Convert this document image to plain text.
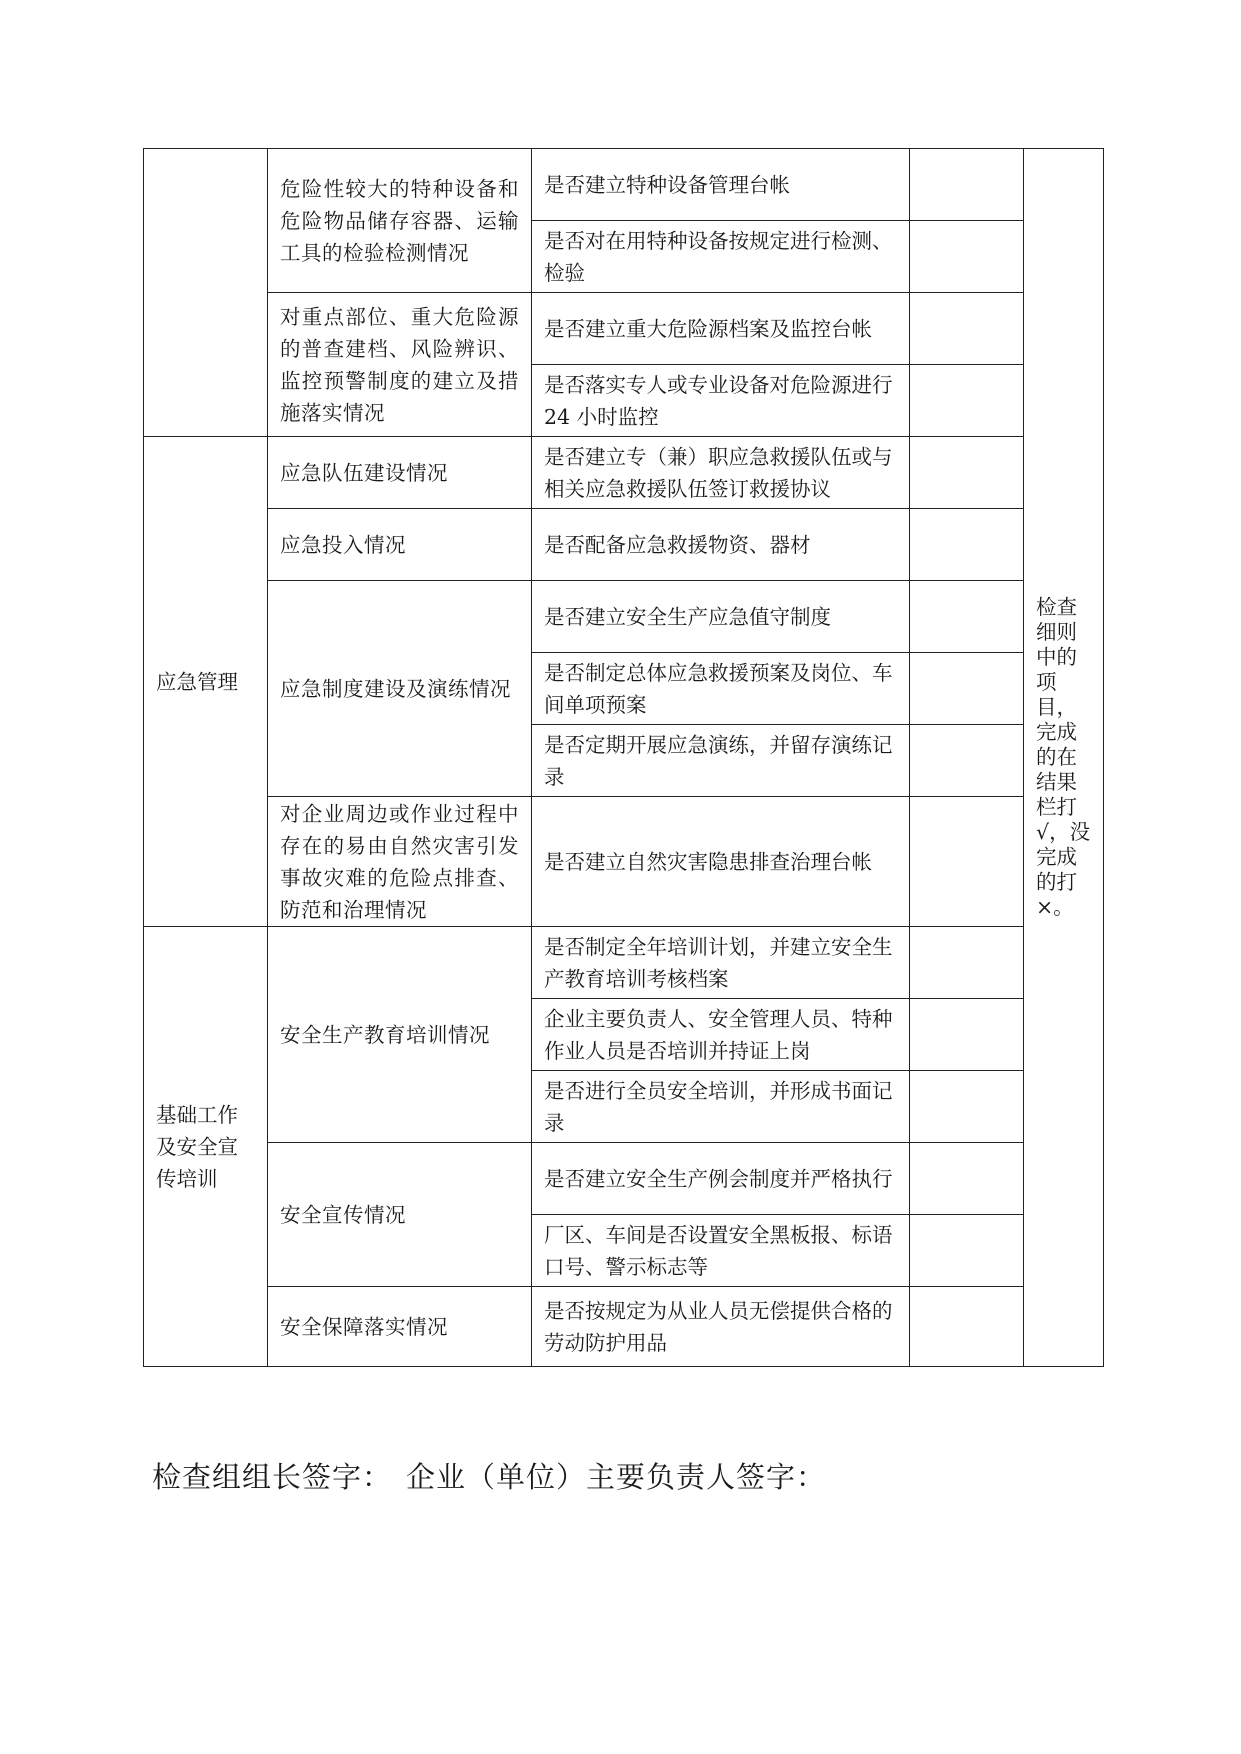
	危险性较大的特种设备和危险物品储存容器、运输工具的检验检测情况	是否建立特种设备管理台帐		检查细则中的项目，完成的在结果栏打√，没完成的打×。
		是否对在用特种设备按规定进行检测、检验		
	对重点部位、重大危险源的普查建档、风险辨识、监控预警制度的建立及措施落实情况	是否建立重大危险源档案及监控台帐		
		是否落实专人或专业设备对危险源进行 24 小时监控		
应急管理	应急队伍建设情况	是否建立专（兼）职应急救援队伍或与相关应急救援队伍签订救援协议		
	应急投入情况	是否配备应急救援物资、器材		
	应急制度建设及演练情况	是否建立安全生产应急值守制度		
		是否制定总体应急救援预案及岗位、车间单项预案		
		是否定期开展应急演练，并留存演练记录		
	对企业周边或作业过程中存在的易由自然灾害引发事故灾难的危险点排查、防范和治理情况	是否建立自然灾害隐患排查治理台帐		
基础工作及安全宣传培训	安全生产教育培训情况	是否制定全年培训计划，并建立安全生产教育培训考核档案		
		企业主要负责人、安全管理人员、特种作业人员是否培训并持证上岗		
		是否进行全员安全培训，并形成书面记录		
	安全宣传情况	是否建立安全生产例会制度并严格执行		
		厂区、车间是否设置安全黑板报、标语口号、警示标志等		
	安全保障落实情况	是否按规定为从业人员无偿提供合格的劳动防护用品		
检查组组长签字： 企业（单位）主要负责人签字：
